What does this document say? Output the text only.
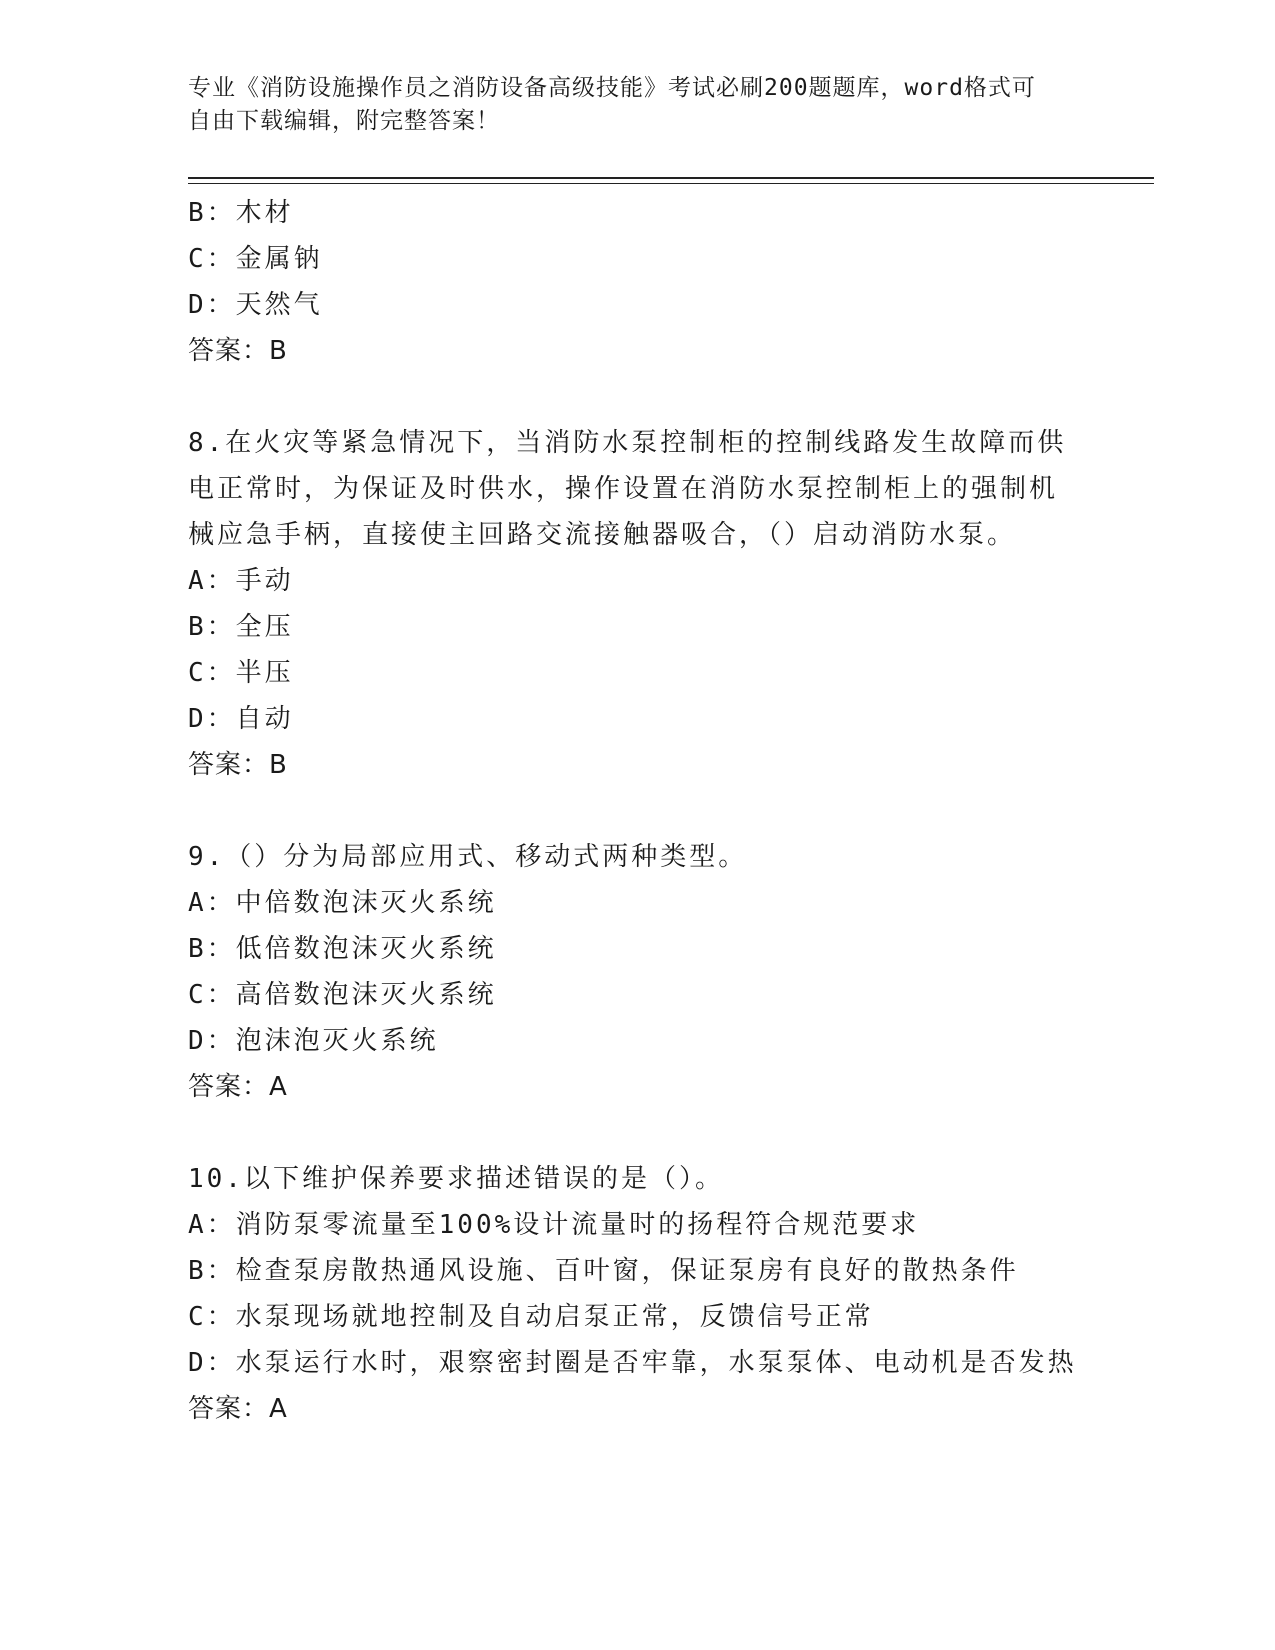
专业《消防设施操作员之消防设备高级技能》考试必刷200题题库，word格式可
自由下载编辑，附完整答案！
B：木材
C：金属钠
D：天然气
答案：B
8.在火灾等紧急情况下，当消防水泵控制柜的控制线路发生故障而供
电正常时，为保证及时供水，操作设置在消防水泵控制柜上的强制机
械应急手柄，直接使主回路交流接触器吸合，（）启动消防水泵。
A：手动
B：全压
C：半压
D：自动
答案：B
9.（）分为局部应用式、移动式两种类型。
A：中倍数泡沫灭火系统
B：低倍数泡沫灭火系统
C：高倍数泡沫灭火系统
D：泡沫泡灭火系统
答案：A
10.以下维护保养要求描述错误的是（）。
A：消防泵零流量至100%设计流量时的扬程符合规范要求
B：检查泵房散热通风设施、百叶窗，保证泵房有良好的散热条件
C：水泵现场就地控制及自动启泵正常，反馈信号正常
D：水泵运行水时，艰察密封圈是否牢靠，水泵泵体、电动机是否发热
答案：A
